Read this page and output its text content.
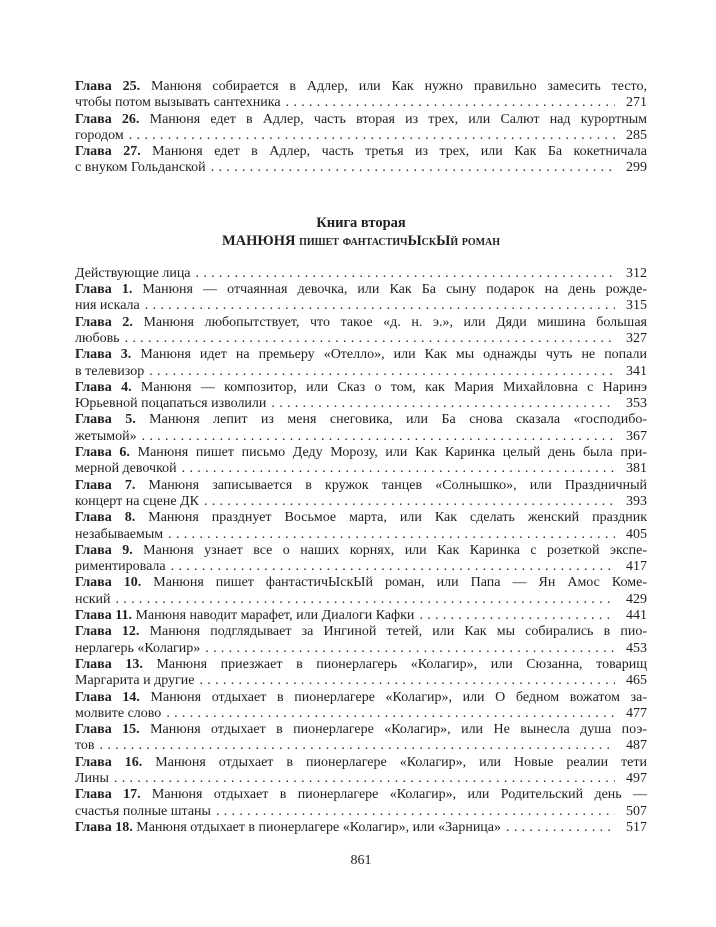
Глава 25. Манюня собирается в Адлер, или Как нужно правильно замесить тесто,
чтобы потом вызывать сантехника .....	271
Глава 26. Манюня едет в Адлер, часть вторая из трех, или Салют над курортным
городом .....	285
Глава 27. Манюня едет в Адлер, часть третья из трех, или Как Ба кокетничала
с внуком Гольданской .....	299
Книга вторая
МАНЮНЯ пишет фантастичЫскЫй роман
Действующие лица .....	312
Глава 1. Манюня — отчаянная девочка, или Как Ба сыну подарок на день рожде-
ния искала .....	315
Глава 2. Манюня любопытствует, что такое «д. н. э.», или Дяди мишина большая
любовь .....	327
Глава 3. Манюня идет на премьеру «Отелло», или Как мы однажды чуть не попали
в телевизор .....	341
Глава 4. Манюня — композитор, или Сказ о том, как Мария Михайловна с Наринэ
Юрьевной поцапаться изволили .....	353
Глава 5. Манюня лепит из меня снеговика, или Ба снова сказала «господибо-
жетымой» .....	367
Глава 6. Манюня пишет письмо Деду Морозу, или Как Каринка целый день была при-
мерной девочкой .....	381
Глава 7. Манюня записывается в кружок танцев «Солнышко», или Праздничный
концерт на сцене ДК .....	393
Глава 8. Манюня празднует Восьмое марта, или Как сделать женский праздник
незабываемым .....	405
Глава 9. Манюня узнает все о наших корнях, или Как Каринка с розеткой экспе-
риментировала .....	417
Глава 10. Манюня пишет фантастичЫскЫй роман, или Папа — Ян Амос Коме-
нский .....	429
Глава 11. Манюня наводит марафет, или Диалоги Кафки .....	441
Глава 12. Манюня подглядывает за Ингиной тетей, или Как мы собирались в пио-
нерлагерь «Колагир» .....	453
Глава 13. Манюня приезжает в пионерлагерь «Колагир», или Сюзанна, товарищ
Маргарита и другие .....	465
Глава 14. Манюня отдыхает в пионерлагере «Колагир», или О бедном вожатом за-
молвите слово .....	477
Глава 15. Манюня отдыхает в пионерлагере «Колагир», или Не вынесла душа поэ-
тов .....	487
Глава 16. Манюня отдыхает в пионерлагере «Колагир», или Новые реалии тети
Лины .....	497
Глава 17. Манюня отдыхает в пионерлагере «Колагир», или Родительский день —
счастья полные штаны .....	507
Глава 18. Манюня отдыхает в пионерлагере «Колагир», или «Зарница» .....	517
861
